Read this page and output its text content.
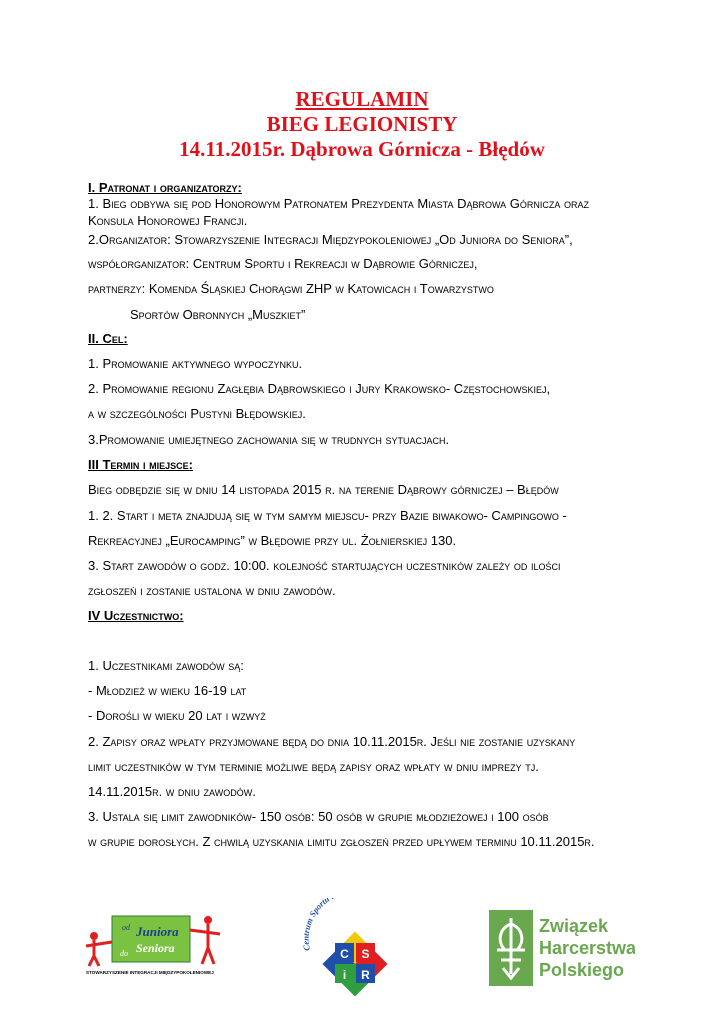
REGULAMIN
BIEG LEGIONISTY
14.11.2015r. Dąbrowa Górnicza - Błędów
I. Patronat i organizatorzy:
1. Bieg odbywa się pod Honorowym Patronatem Prezydenta Miasta Dąbrowa Górnicza oraz
Konsula Honorowej Francji.
2.Organizator: Stowarzyszenie Integracji Międzypokoleniowej „Od Juniora do Seniora”,
współorganizator: Centrum Sportu i Rekreacji w Dąbrowie Górniczej,
partnerzy: Komenda Śląskiej Chorągwi ZHP w Katowicach i Towarzystwo
Sportów Obronnych „Muszkiet”
II. Cel:
1. Promowanie aktywnego wypoczynku.
2. Promowanie regionu Zagłębia Dąbrowskiego i Jury Krakowsko- Częstochowskiej,
a w szczególności Pustyni Błędowskiej.
3.Promowanie umiejętnego zachowania się w trudnych sytuacjach.
III Termin i miejsce:
Bieg odbędzie się w dniu 14 listopada 2015 r. na terenie Dąbrowy górniczej – Błędów
1. 2. Start i meta znajdują się w tym samym miejscu- przy Bazie biwakowo- Campingowo -
Rekreacyjnej „Eurocamping” w Błędowie przy ul. Żołnierskiej 130.
3. Start zawodów o godz. 10:00. kolejność startujących uczestników zależy od ilości
zgłoszeń i zostanie ustalona w dniu zawodów.
IV Uczestnictwo:
1. Uczestnikami zawodów są:
- Młodzież w wieku 16-19 lat
- Dorośli w wieku 20 lat i wzwyż
2. Zapisy oraz wpłaty przyjmowane będą do dnia 10.11.2015r. Jeśli nie zostanie uzyskany
limit uczestników w tym terminie możliwe będą zapisy oraz wpłaty w dniu imprezy tj.
14.11.2015r. w dniu zawodów.
3. Ustala się limit zawodników- 150 osób: 50 osób w grupie młodzieżowej i 100 osób
w grupie dorosłych. Z chwilą uzyskania limitu zgłoszeń przed upływem terminu 10.11.2015r.
od Juniora
do Seniora
STOWARZYSZENIE INTEGRACJI MIĘDZYPOKOLENIOWEJ
Centrum Sportu
C S
i R
Związek
Harcerstwa
Polskiego
